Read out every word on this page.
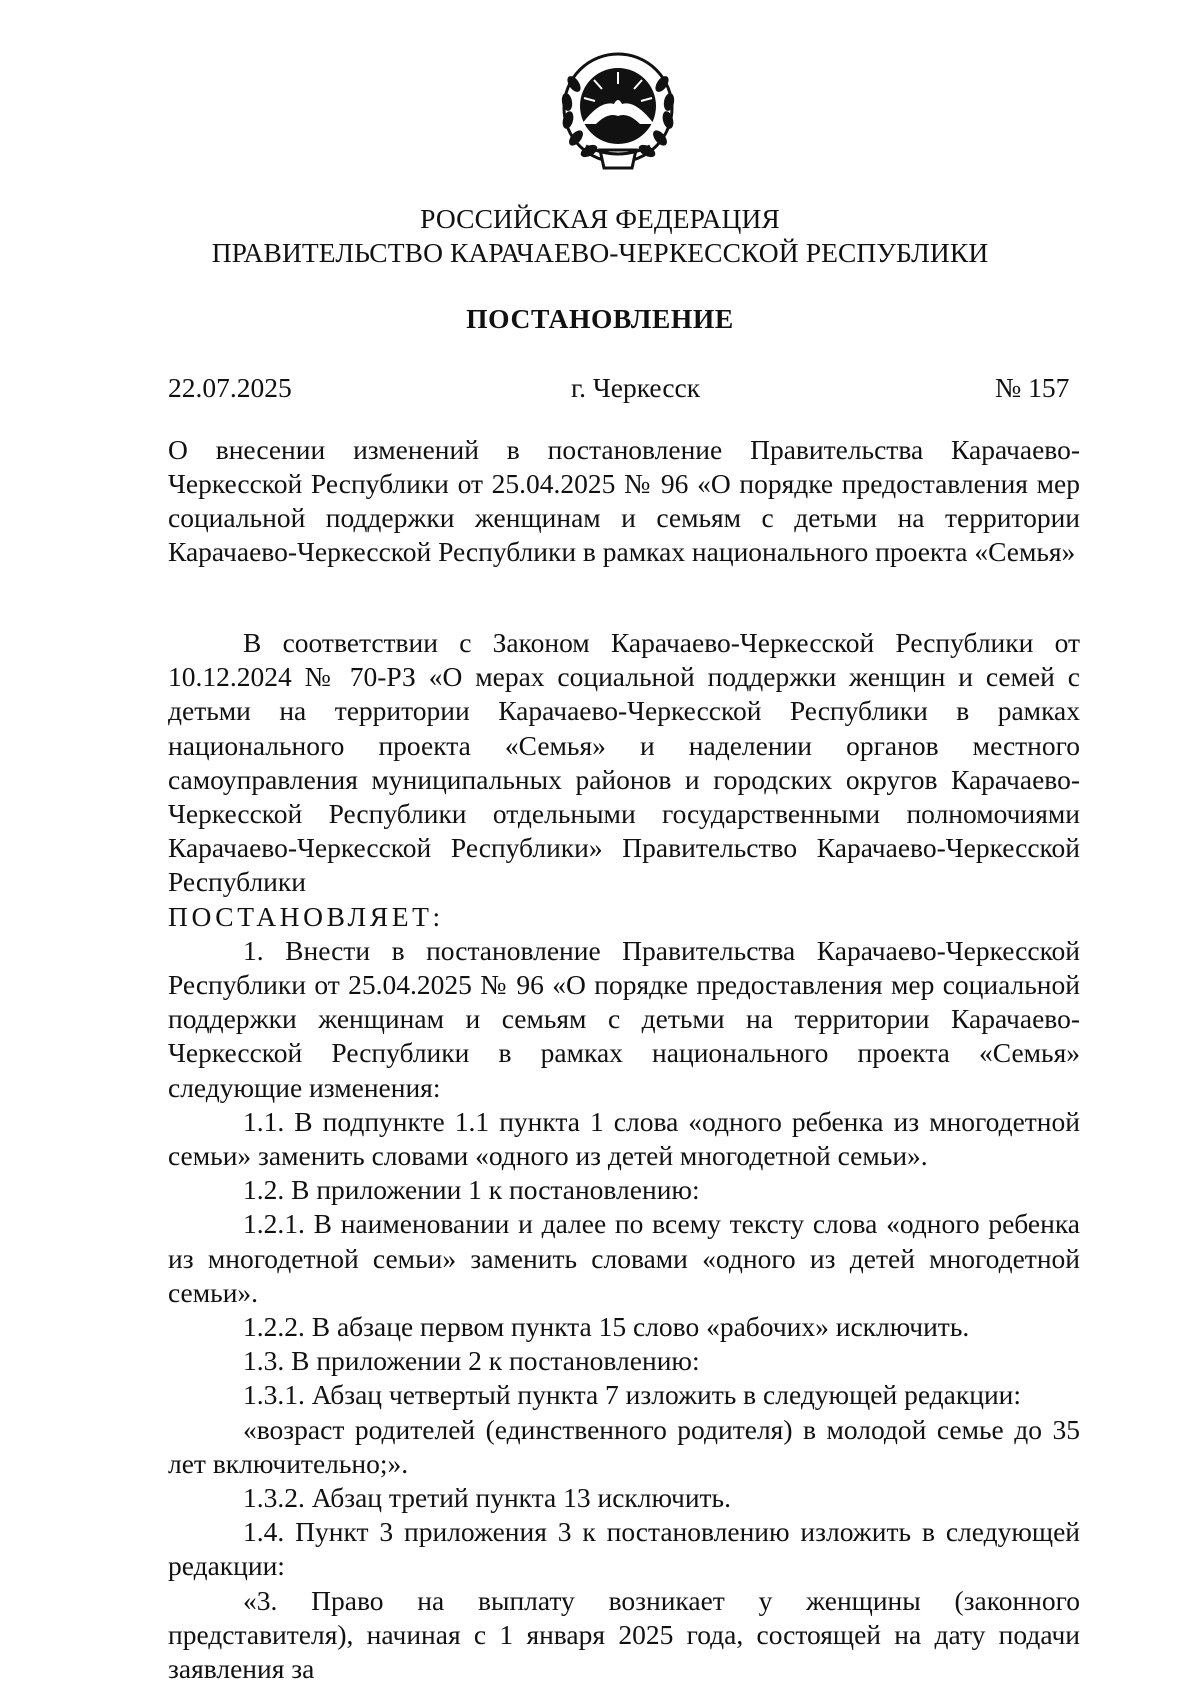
РОССИЙСКАЯ ФЕДЕРАЦИЯ
ПРАВИТЕЛЬСТВО КАРАЧАЕВО-ЧЕРКЕССКОЙ РЕСПУБЛИКИ
ПОСТАНОВЛЕНИЕ
22.07.2025	г. Черкесск	№ 157
О внесении изменений в постановление Правительства Карачаево-Черкесской Республики от 25.04.2025 № 96 «О порядке предоставления мер социальной поддержки женщинам и семьям с детьми на территории Карачаево-Черкесской Республики в рамках национального проекта «Семья»

В соответствии с Законом Карачаево-Черкесской Республики от 10.12.2024 № 70-РЗ «О мерах социальной поддержки женщин и семей с детьми на территории Карачаево-Черкесской Республики в рамках национального проекта «Семья» и наделении органов местного самоуправления муниципальных районов и городских округов Карачаево-Черкесской Республики отдельными государственными полномочиями Карачаево-Черкесской Республики» Правительство Карачаево-Черкесской Республики

ПОСТАНОВЛЯЕТ:

1. Внести в постановление Правительства Карачаево-Черкесской Республики от 25.04.2025 № 96 «О порядке предоставления мер социальной поддержки женщинам и семьям с детьми на территории Карачаево-Черкесской Республики в рамках национального проекта «Семья» следующие изменения:

1.1. В подпункте 1.1 пункта 1 слова «одного ребенка из многодетной семьи» заменить словами «одного из детей многодетной семьи».

1.2. В приложении 1 к постановлению:

1.2.1. В наименовании и далее по всему тексту слова «одного ребенка из многодетной семьи» заменить словами «одного из детей многодетной семьи».

1.2.2. В абзаце первом пункта 15 слово «рабочих» исключить.

1.3. В приложении 2 к постановлению:

1.3.1. Абзац четвертый пункта 7 изложить в следующей редакции:

«возраст родителей (единственного родителя) в молодой семье до 35 лет включительно;».

1.3.2. Абзац третий пункта 13 исключить.

1.4. Пункт 3 приложения 3 к постановлению изложить в следующей редакции:

«3. Право на выплату возникает у женщины (законного представителя), начиная с 1 января 2025 года, состоящей на дату подачи заявления за
